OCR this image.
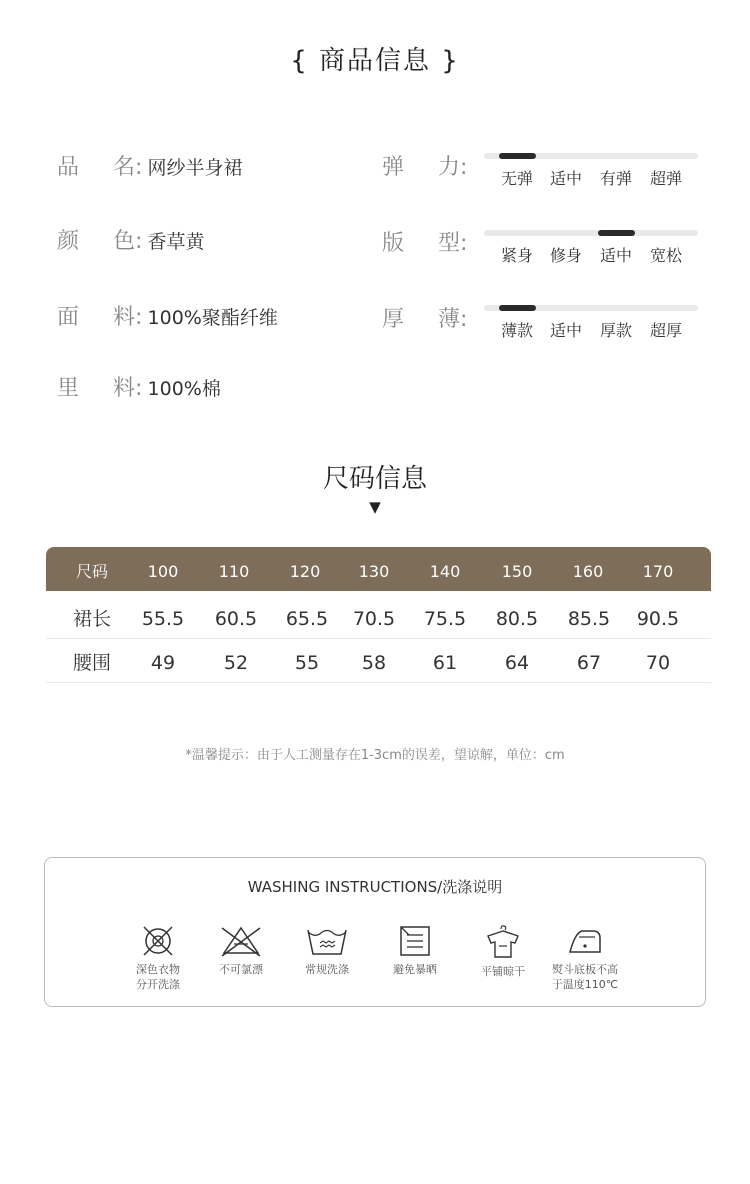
{ 商品信息 }
品 名: 网纱半身裙
颜 色: 香草黄
面 料: 100%聚酯纤维
里 料: 100%棉
弹 力:	无弹	适中	有弹	超弹
版 型:	紧身	修身	适中	宽松
厚 薄:	薄款	适中	厚款	超厚
尺码信息
▼
尺码	100	110	120	130	140	150	160	170
裙长	55.5	60.5	65.5	70.5	75.5	80.5	85.5	90.5
腰围	49	52	55	58	61	64	67	70
*温馨提示：由于人工测量存在1-3cm的误差，望谅解，单位：cm
WASHING INSTRUCTIONS/洗涤说明
深色衣物
分开洗涤
不可氯漂	常规洗涤	避免暴晒	平铺晾干	熨斗底板不高
于温度110℃
